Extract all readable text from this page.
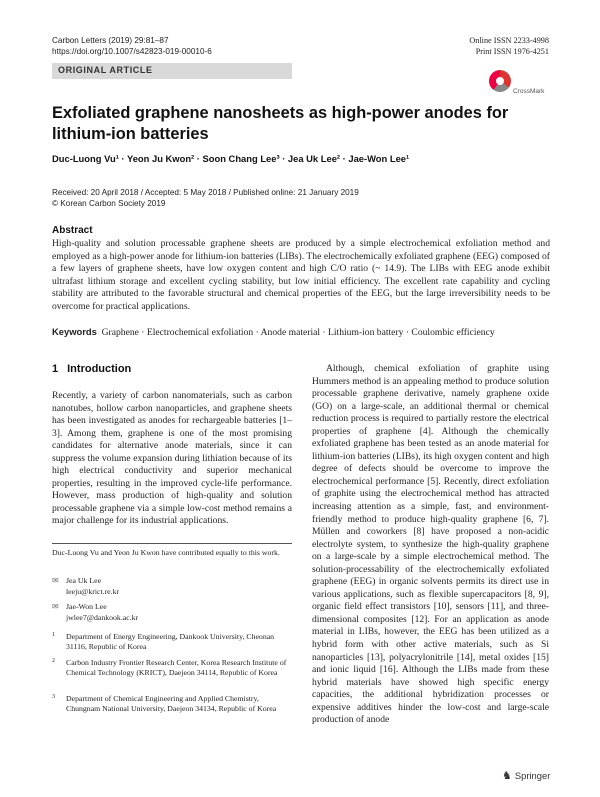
Carbon Letters (2019) 29:81–87
https://doi.org/10.1007/s42823-019-00010-6
Online ISSN 2233-4998
Print ISSN 1976-4251
ORIGINAL ARTICLE
CrossMark
Exfoliated graphene nanosheets as high-power anodes for lithium-ion batteries
Duc-Luong Vu¹ · Yeon Ju Kwon² · Soon Chang Lee³ · Jea Uk Lee² · Jae-Won Lee¹
Received: 20 April 2018 / Accepted: 5 May 2018 / Published online: 21 January 2019
© Korean Carbon Society 2019
Abstract
High-quality and solution processable graphene sheets are produced by a simple electrochemical exfoliation method and employed as a high-power anode for lithium-ion batteries (LIBs). The electrochemically exfoliated graphene (EEG) composed of a few layers of graphene sheets, have low oxygen content and high C/O ratio (~ 14.9). The LIBs with EEG anode exhibit ultrafast lithium storage and excellent cycling stability, but low initial efficiency. The excellent rate capability and cycling stability are attributed to the favorable structural and chemical properties of the EEG, but the large irreversibility needs to be overcome for practical applications.
Keywords Graphene · Electrochemical exfoliation · Anode material · Lithium-ion battery · Coulombic efficiency
1 Introduction
Recently, a variety of carbon nanomaterials, such as carbon nanotubes, hollow carbon nanoparticles, and graphene sheets has been investigated as anodes for rechargeable batteries [1–3]. Among them, graphene is one of the most promising candidates for alternative anode materials, since it can suppress the volume expansion during lithiation because of its high electrical conductivity and superior mechanical properties, resulting in the improved cycle-life performance. However, mass production of high-quality and solution processable graphene via a simple low-cost method remains a major challenge for its industrial applications.
Although, chemical exfoliation of graphite using Hummers method is an appealing method to produce solution processable graphene derivative, namely graphene oxide (GO) on a large-scale, an additional thermal or chemical reduction process is required to partially restore the electrical properties of graphene [4]. Although the chemically exfoliated graphene has been tested as an anode material for lithium-ion batteries (LIBs), its high oxygen content and high degree of defects should be overcome to improve the electrochemical performance [5]. Recently, direct exfoliation of graphite using the electrochemical method has attracted increasing attention as a simple, fast, and environment-friendly method to produce high-quality graphene [6, 7]. Müllen and coworkers [8] have proposed a non-acidic electrolyte system, to synthesize the high-quality graphene on a large-scale by a simple electrochemical method. The solution-processability of the electrochemically exfoliated graphene (EEG) in organic solvents permits its direct use in various applications, such as flexible supercapacitors [8, 9], organic field effect transistors [10], sensors [11], and three-dimensional composites [12]. For an application as anode material in LIBs, however, the EEG has been utilized as a hybrid form with other active materials, such as Si nanoparticles [13], polyacrylonitrile [14], metal oxides [15] and ionic liquid [16]. Although the LIBs made from these hybrid materials have showed high specific energy capacities, the additional hybridization processes or expensive additives hinder the low-cost and large-scale production of anode
Duc-Luong Vu and Yeon Ju Kwon have contributed equally to this work.
✉ Jea Uk Lee
leeju@krict.re.kr
✉ Jae-Won Lee
jwlee7@dankook.ac.kr
1 Department of Energy Engineering, Dankook University, Cheonan 31116, Republic of Korea
2 Carbon Industry Frontier Research Center, Korea Research Institute of Chemical Technology (KRICT), Daejeon 34114, Republic of Korea
3 Department of Chemical Engineering and Applied Chemistry, Chungnam National University, Daejeon 34134, Republic of Korea
♞ Springer
